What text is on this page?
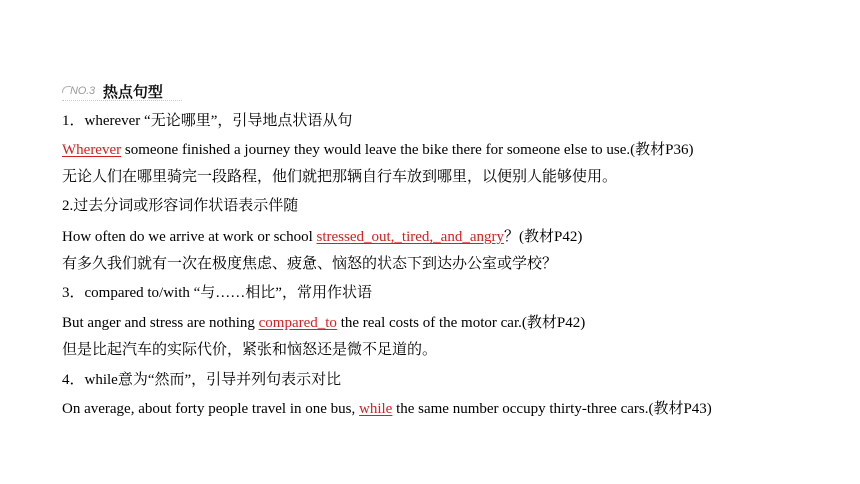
NO.3 热点句型
1．wherever “无论哪里”，引导地点状语从句
Wherever someone finished a journey they would leave the bike there for someone else to use.(教材P36)
无论人们在哪里骑完一段路程，他们就把那辆自行车放到哪里，以便别人能够使用。
2.过去分词或形容词作状语表示伴随
How often do we arrive at work or school stressed_out,_tired,_and_angry？(教材P42)
有多久我们就有一次在极度焦虑、疲惫、恼怒的状态下到达办公室或学校？
3．compared to/with “与……相比”，常用作状语
But anger and stress are nothing compared_to the real costs of the motor car.(教材P42)
但是比起汽车的实际代价，紧张和恼怒还是微不足道的。
4．while意为“然而”，引导并列句表示对比
On average, about forty people travel in one bus, while the same number occupy thirty-three cars.(教材P43)
